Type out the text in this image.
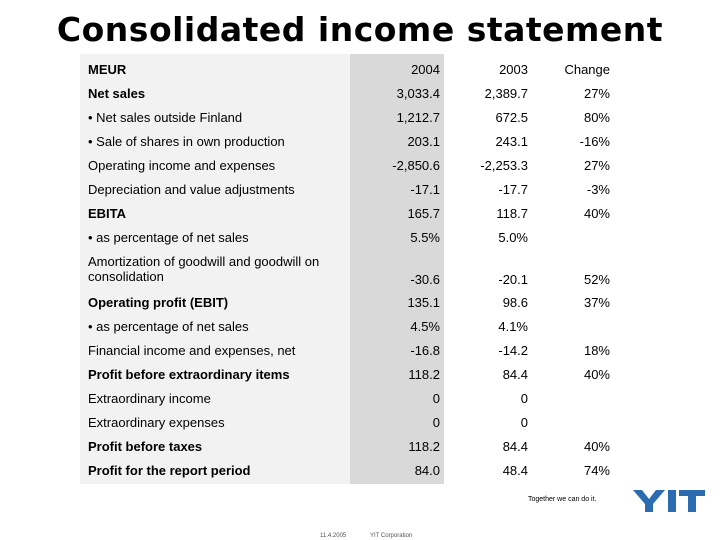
Consolidated income statement
MEUR	2004	2003	Change
Net sales	3,033.4	2,389.7	27%
• Net sales outside Finland	1,212.7	672.5	80%
• Sale of shares in own production	203.1	243.1	-16%
Operating income and expenses	-2,850.6	-2,253.3	27%
Depreciation and value adjustments	-17.1	-17.7	-3%
EBITA	165.7	118.7	40%
• as percentage of net sales	5.5%	5.0%
Amortization of goodwill and goodwill on consolidation	-30.6	-20.1	52%
Operating profit (EBIT)	135.1	98.6	37%
• as percentage of net sales	4.5%	4.1%
Financial income and expenses, net	-16.8	-14.2	18%
Profit before extraordinary items	118.2	84.4	40%
Extraordinary income	0	0
Extraordinary expenses	0	0
Profit before taxes	118.2	84.4	40%
Profit for the report period	84.0	48.4	74%
Together we can do it.
11.4.2005	YIT Corporation
